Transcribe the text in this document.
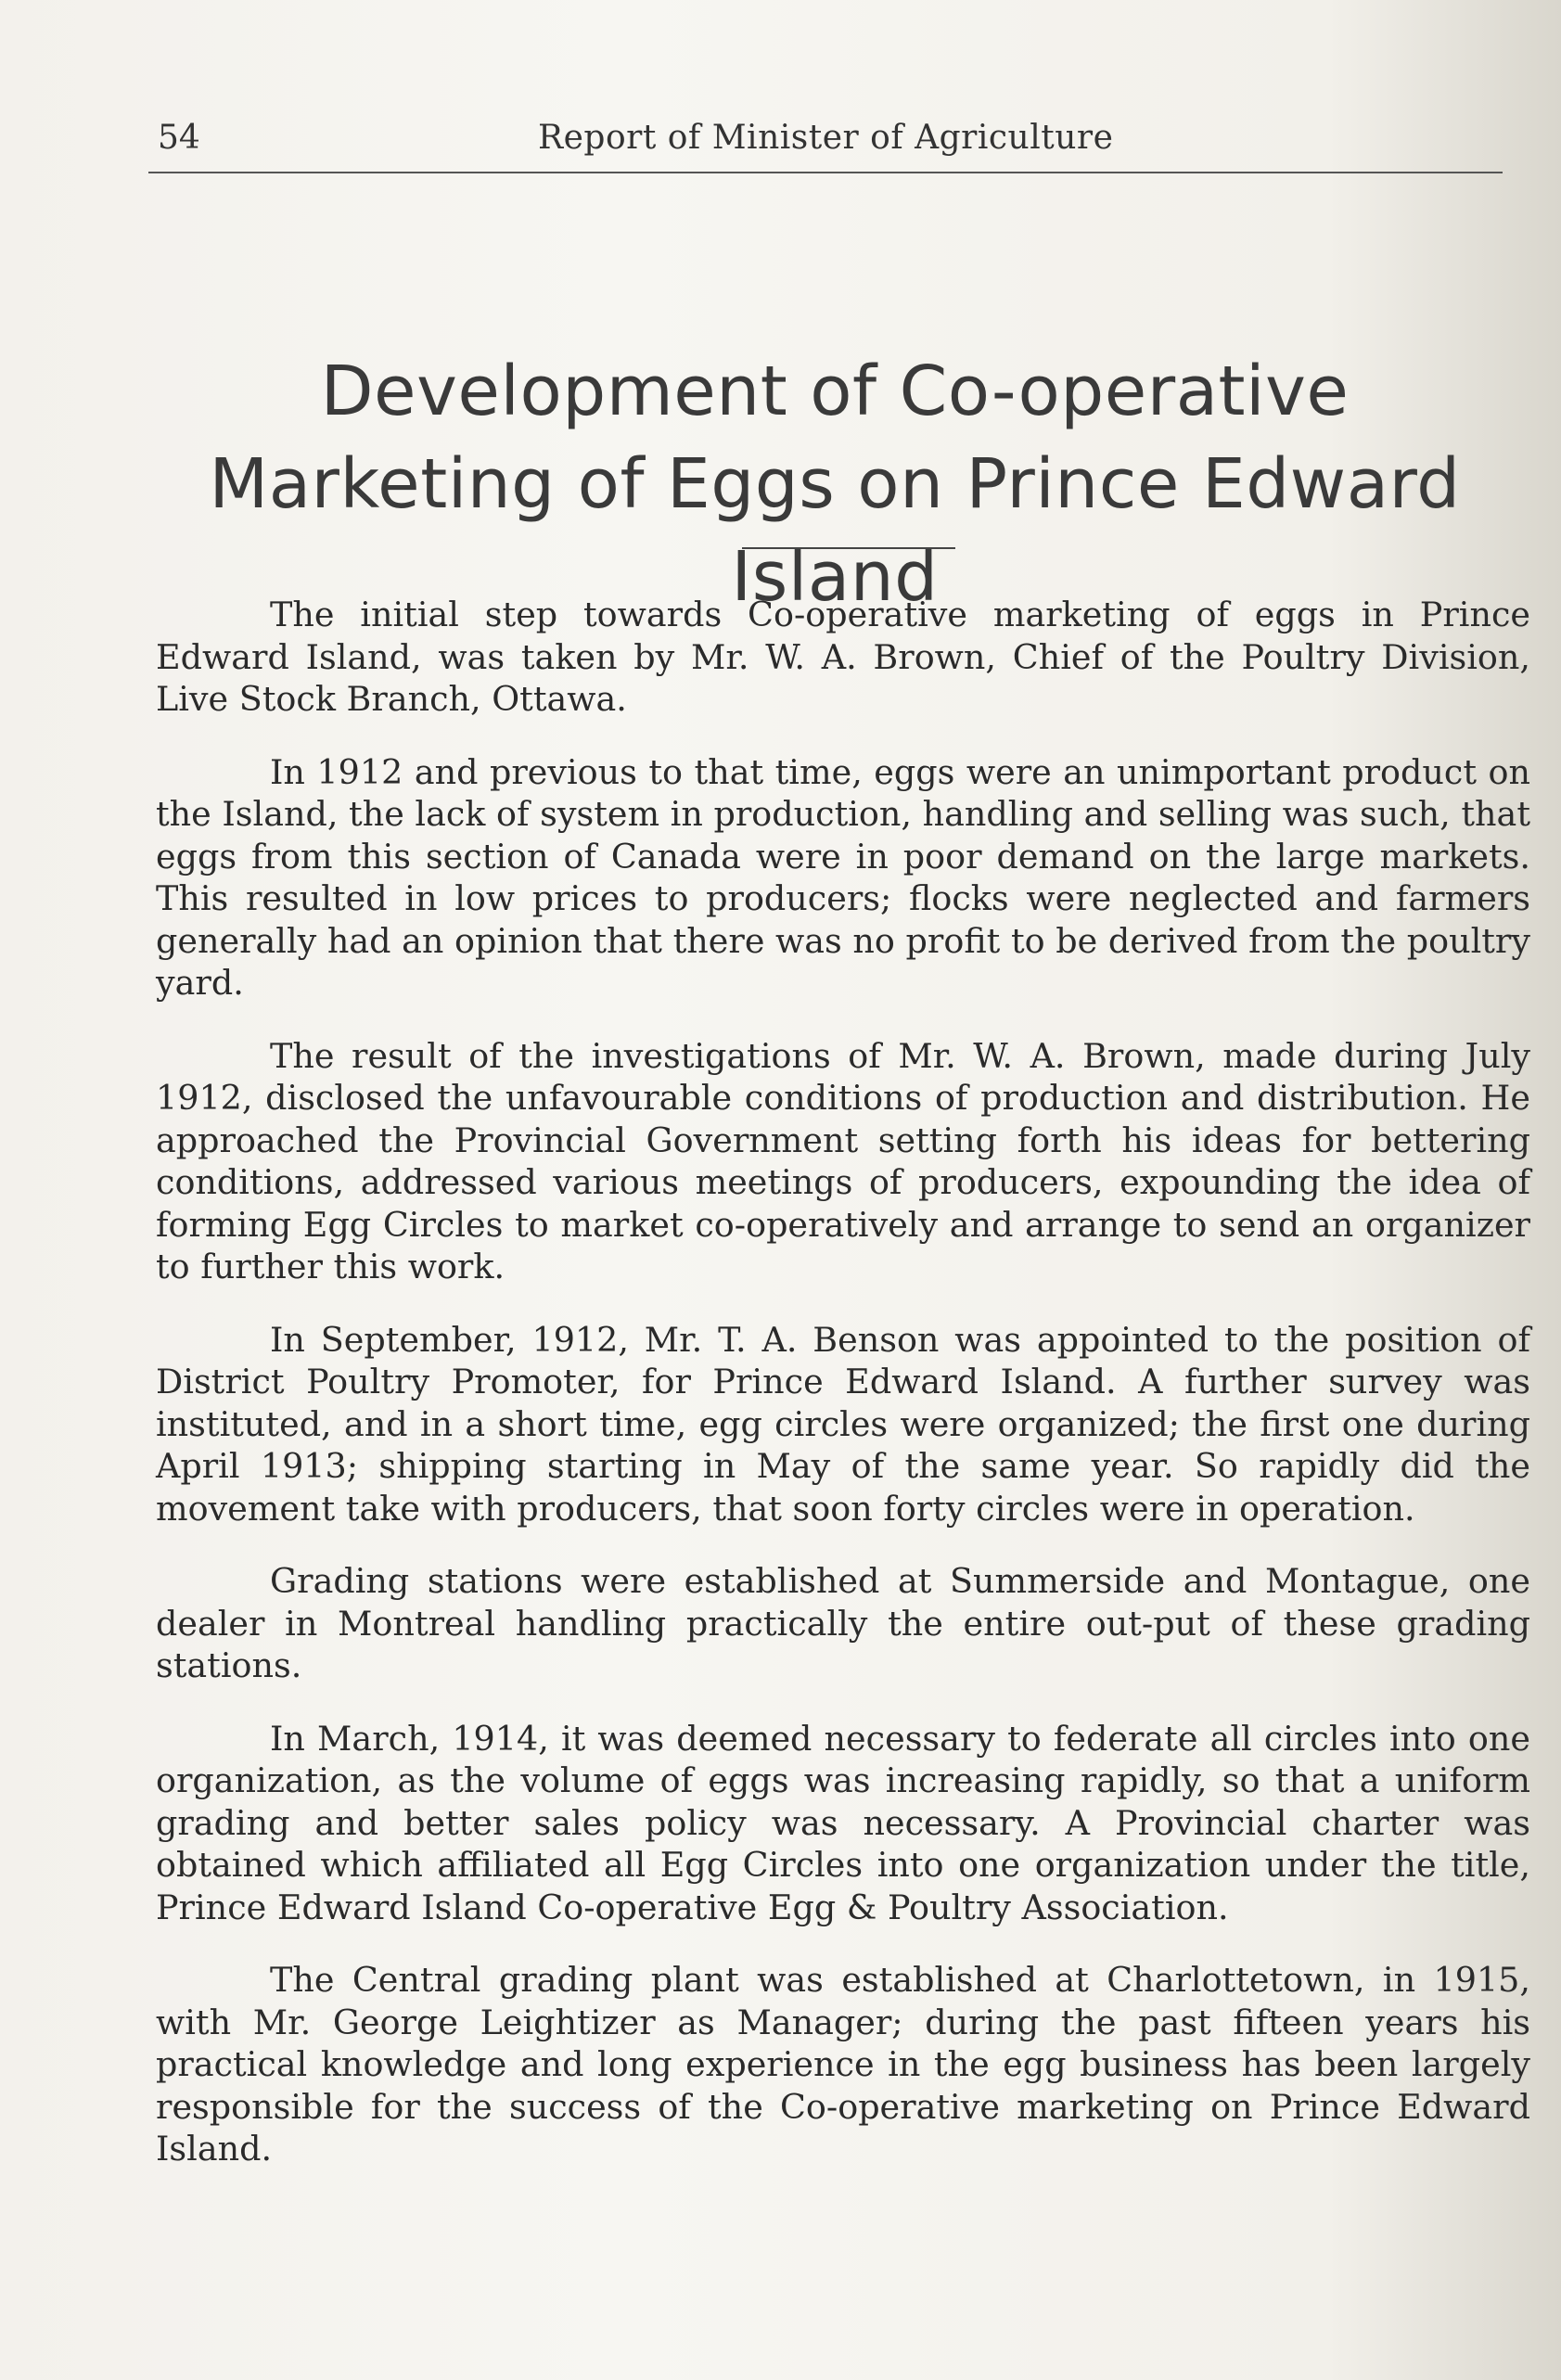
54	Report of Minister of Agriculture
Development of Co-operative Marketing of Eggs on Prince Edward Island

The initial step towards Co-operative marketing of eggs in Prince Edward Island, was taken by Mr. W. A. Brown, Chief of the Poultry Division, Live Stock Branch, Ottawa.

In 1912 and previous to that time, eggs were an unimportant product on the Island, the lack of system in production, handling and selling was such, that eggs from this section of Canada were in poor demand on the large markets. This resulted in low prices to producers; flocks were neglected and farmers generally had an opinion that there was no profit to be derived from the poultry yard.

The result of the investigations of Mr. W. A. Brown, made during July 1912, disclosed the unfavourable conditions of production and distribution. He approached the Provincial Government setting forth his ideas for bettering conditions, addressed various meetings of producers, expounding the idea of forming Egg Circles to market co-operatively and arrange to send an organizer to further this work.

In September, 1912, Mr. T. A. Benson was appointed to the position of District Poultry Promoter, for Prince Edward Island. A further survey was instituted, and in a short time, egg circles were organized; the first one during April 1913; shipping starting in May of the same year. So rapidly did the movement take with producers, that soon forty circles were in operation.

Grading stations were established at Summerside and Montague, one dealer in Montreal handling practically the entire out-put of these grading stations.

In March, 1914, it was deemed necessary to federate all circles into one organization, as the volume of eggs was increasing rapidly, so that a uniform grading and better sales policy was necessary. A Provincial charter was obtained which affiliated all Egg Circles into one organization under the title, Prince Edward Island Co-operative Egg & Poultry Association.

The Central grading plant was established at Charlottetown, in 1915, with Mr. George Leightizer as Manager; during the past fifteen years his practical knowledge and long experience in the egg business has been largely responsible for the success of the Co-operative marketing on Prince Edward Island.
